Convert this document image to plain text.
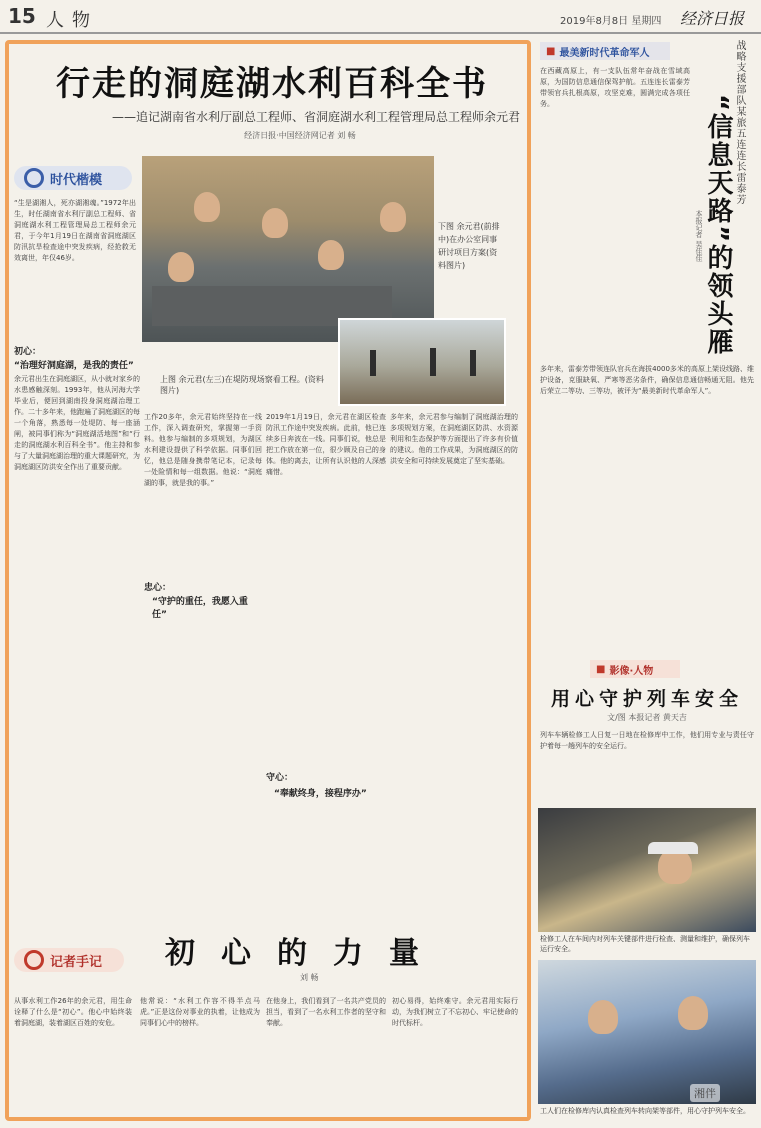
15 人物	2019年8月8日 星期四 经济日报
行走的洞庭湖水利百科全书
——追记湖南省水利厅副总工程师、省洞庭湖水利工程管理局总工程师余元君
经济日报·中国经济网记者 刘 畅
时代楷模
下图 余元君(前排中)在办公室同事研讨项目方案(资料图片)
上图 余元君(左三)在堤防现场察看工程。(资料图片)
“生是湖湘人，死亦湖湘魂。”1972年出生，时任湖南省水利厅副总工程师、省洞庭湖水利工程管理局总工程师余元君，于今年1月19日在湖南省洞庭湖区防汛抗旱检查途中突发疾病，经抢救无效离世，年仅46岁。
初心：
“治理好洞庭湖，是我的责任”
余元君出生在洞庭湖区，从小就对家乡的水患感触深刻。1993年，他从河海大学毕业后，便回到湖南投身洞庭湖治理工作。二十多年来，他跑遍了洞庭湖区的每一个角落，熟悉每一处堤防、每一座涵闸，被同事们称为“洞庭湖活地图”和“行走的洞庭湖水利百科全书”。他主持和参与了大量洞庭湖治理的重大课题研究，为洞庭湖区防洪安全作出了重要贡献。
工作20多年，余元君始终坚持在一线工作，深入调查研究，掌握第一手资料。他参与编制的多项规划，为湖区水利建设提供了科学依据。同事们回忆，他总是随身携带笔记本，记录每一处险情和每一组数据。他说：“洞庭湖的事，就是我的事。”
忠心：
“守护的重任，我愿入重任”
2019年1月19日，余元君在湖区检查防汛工作途中突发疾病。此前，他已连续多日奔波在一线。同事们说，他总是把工作放在第一位，很少顾及自己的身体。他的离去，让所有认识他的人深感痛惜。
守心：
“奉献终身，接程序办”
多年来，余元君参与编制了洞庭湖治理的多项规划方案，在洞庭湖区防洪、水资源利用和生态保护等方面提出了许多有价值的建议。他的工作成果，为洞庭湖区的防洪安全和可持续发展奠定了坚实基础。
初心的力量
刘 畅
记者手记
从事水利工作26年的余元君，用生命诠释了什么是“初心”。他心中始终装着洞庭湖，装着湖区百姓的安危。
他常说：“水利工作容不得半点马虎。”正是这份对事业的执着，让他成为同事们心中的榜样。
在他身上，我们看到了一名共产党员的担当，看到了一名水利工作者的坚守和奉献。
初心易得，始终难守。余元君用实际行动，为我们树立了不忘初心、牢记使命的时代标杆。
■ 最美新时代革命军人	战略支援部队某旅五连连长雷泰芳
“信息天路”的领头雁
本报记者 吴佳佳
在西藏高原上，有一支队伍常年奋战在雪域高原，为国防信息通信保驾护航。五连连长雷泰芳带领官兵扎根高原，攻坚克难，圆满完成各项任务。
多年来，雷泰芳带领连队官兵在海拔4000多米的高原上架设线路、维护设备，克服缺氧、严寒等恶劣条件，确保信息通信畅通无阻。他先后荣立二等功、三等功，被评为“最美新时代革命军人”。
■ 影像·人物
用心守护列车安全
文/图 本报记者 黄天吉
列车车辆检修工人日复一日地在检修库中工作，他们用专业与责任守护着每一趟列车的安全运行。
检修工人在车间内对列车关键部件进行检查、测量和维护，确保列车运行安全。
工人们在检修库内认真检查列车转向架等部件，用心守护列车安全。
湘伴
